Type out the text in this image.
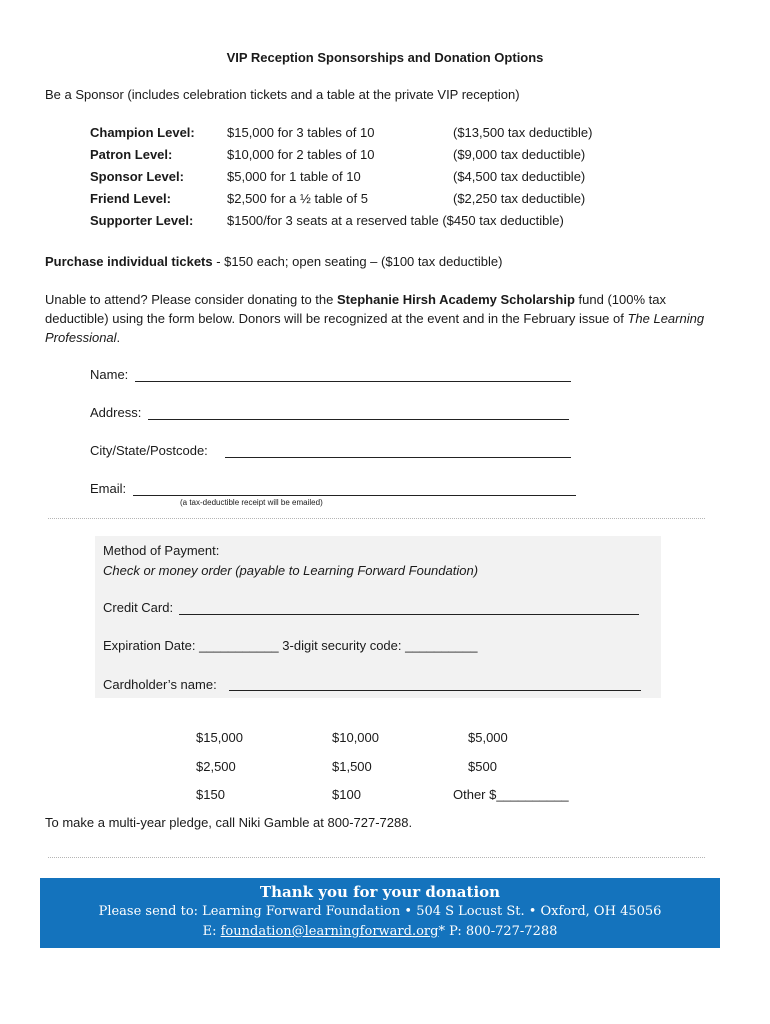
VIP Reception Sponsorships and Donation Options
Be a Sponsor (includes celebration tickets and a table at the private VIP reception)
Champion Level: $15,000 for 3 tables of 10	($13,500 tax deductible)
Patron Level:	$10,000 for 2 tables of 10	($9,000 tax deductible)
Sponsor Level:	$5,000 for 1 table of 10	($4,500 tax deductible)
Friend Level:	$2,500 for a ½ table of 5	($2,250 tax deductible)
Supporter Level:	$1500/for 3 seats at a reserved table ($450 tax deductible)
Purchase individual tickets - $150 each; open seating – ($100 tax deductible)
Unable to attend? Please consider donating to the Stephanie Hirsh Academy Scholarship fund (100% tax deductible) using the form below. Donors will be recognized at the event and in the February issue of The Learning Professional.
Name:
Address:
City/State/Postcode:
Email:
(a tax-deductible receipt will be emailed)
Method of Payment:
Check or money order (payable to Learning Forward Foundation)
Credit Card:
Expiration Date: ___________ 3-digit security code: __________
Cardholder’s name:
$15,000	$10,000	$5,000
$2,500	$1,500	$500
$150	$100	Other $__________
To make a multi-year pledge, call Niki Gamble at 800-727-7288.
Thank you for your donation
Please send to: Learning Forward Foundation • 504 S Locust St. • Oxford, OH 45056
E: foundation@learningforward.org* P: 800-727-7288
